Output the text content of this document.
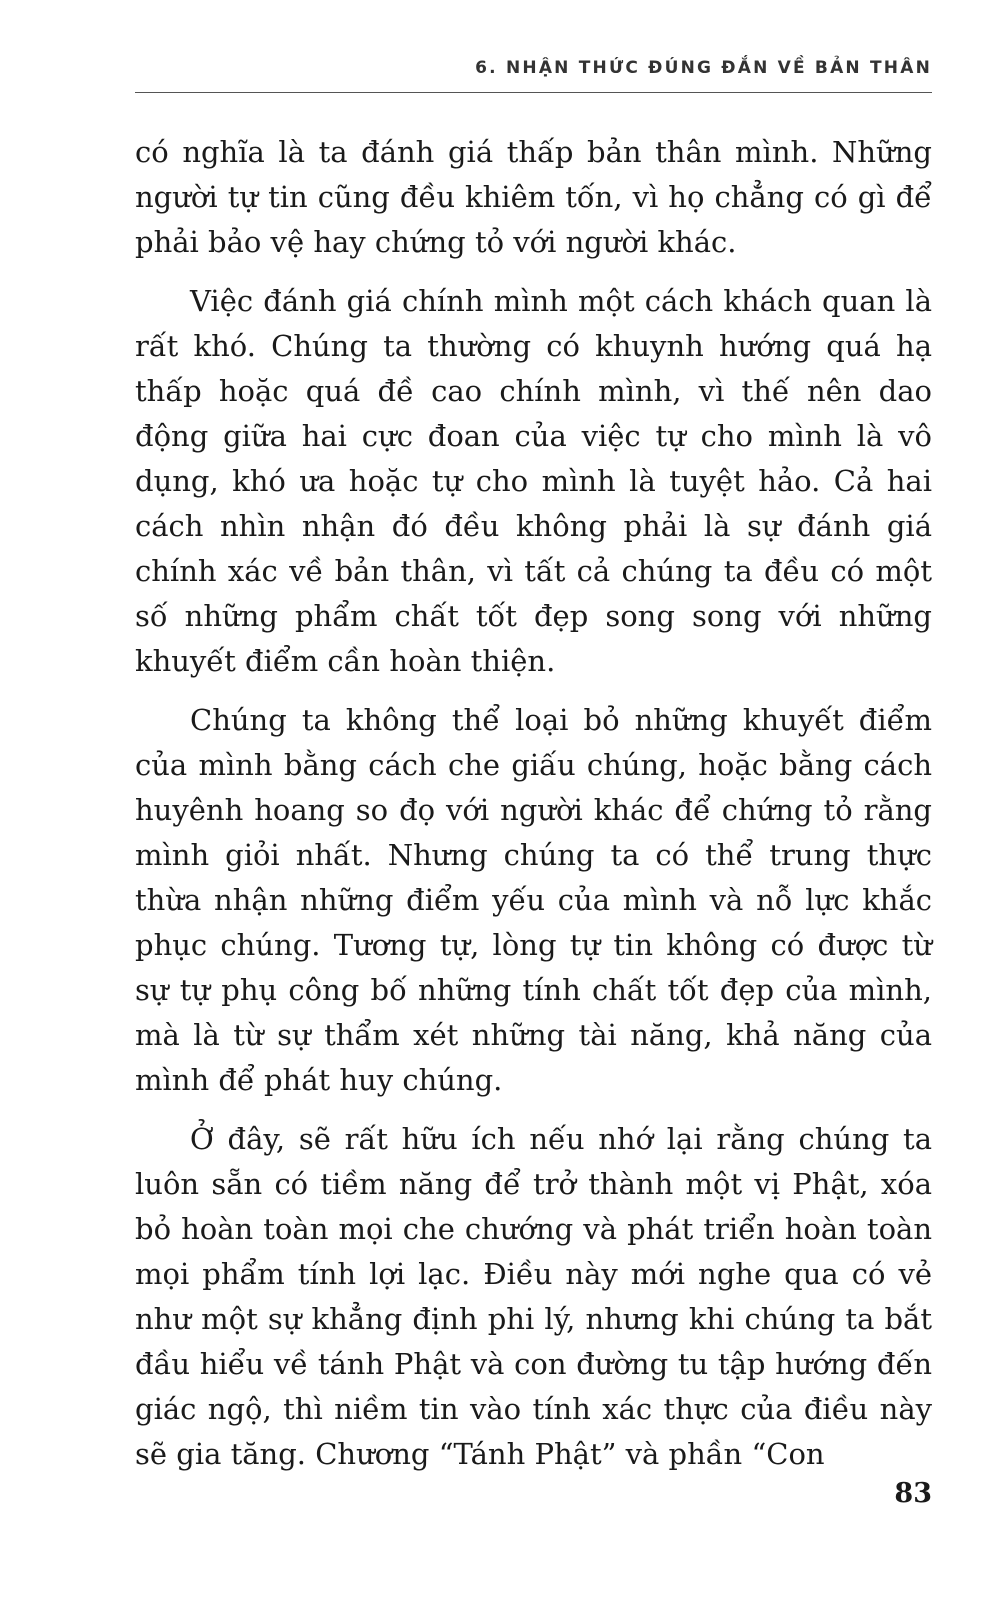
6. NHẬN THỨC ĐÚNG ĐẮN VỀ BẢN THÂN

có nghĩa là ta đánh giá thấp bản thân mình. Những người tự tin cũng đều khiêm tốn, vì họ chẳng có gì để phải bảo vệ hay chứng tỏ với người khác.

Việc đánh giá chính mình một cách khách quan là rất khó. Chúng ta thường có khuynh hướng quá hạ thấp hoặc quá đề cao chính mình, vì thế nên dao động giữa hai cực đoan của việc tự cho mình là vô dụng, khó ưa hoặc tự cho mình là tuyệt hảo. Cả hai cách nhìn nhận đó đều không phải là sự đánh giá chính xác về bản thân, vì tất cả chúng ta đều có một số những phẩm chất tốt đẹp song song với những khuyết điểm cần hoàn thiện.

Chúng ta không thể loại bỏ những khuyết điểm của mình bằng cách che giấu chúng, hoặc bằng cách huyênh hoang so đọ với người khác để chứng tỏ rằng mình giỏi nhất. Nhưng chúng ta có thể trung thực thừa nhận những điểm yếu của mình và nỗ lực khắc phục chúng. Tương tự, lòng tự tin không có được từ sự tự phụ công bố những tính chất tốt đẹp của mình, mà là từ sự thẩm xét những tài năng, khả năng của mình để phát huy chúng.

Ở đây, sẽ rất hữu ích nếu nhớ lại rằng chúng ta luôn sẵn có tiềm năng để trở thành một vị Phật, xóa bỏ hoàn toàn mọi che chướng và phát triển hoàn toàn mọi phẩm tính lợi lạc. Điều này mới nghe qua có vẻ như một sự khẳng định phi lý, nhưng khi chúng ta bắt đầu hiểu về tánh Phật và con đường tu tập hướng đến giác ngộ, thì niềm tin vào tính xác thực của điều này sẽ gia tăng. Chương “Tánh Phật” và phần “Con

83
